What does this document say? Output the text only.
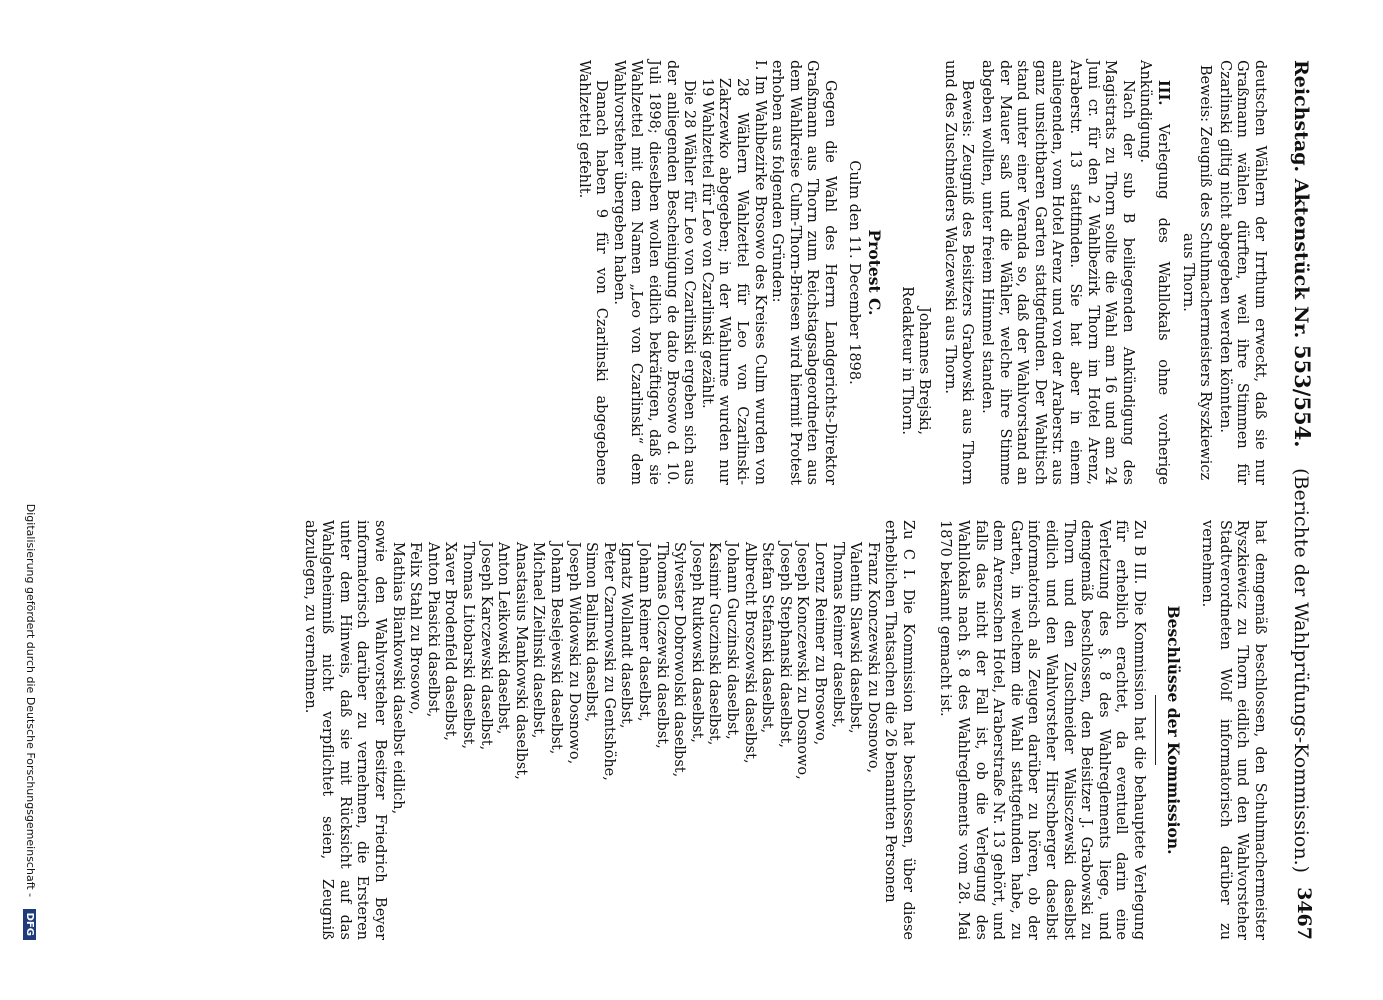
Reichstag. Aktenstück Nr. 553/554. (Berichte der Wahlprüfungs-Kommission.)
3467

deutschen Wählern der Irrthum erweckt, daß sie nur Graßmann wählen dürften, weil ihre Stimmen für Czarlinski giltig nicht abgegeben werden könnten.

Beweis: Zeugniß des Schuhmachermeisters Ryszkiewicz aus Thorn.

III. Verlegung des Wahllokals ohne vorherige Ankündigung.

Nach der sub B beiliegenden Ankündigung des Magistrats zu Thorn sollte die Wahl am 16 und am 24 Juni cr. für den 2 Wahlbezirk Thorn im Hotel Arenz, Araberstr. 13 stattfinden. Sie hat aber in einem anliegenden, vom Hotel Arenz und von der Araberstr. aus ganz unsichtbaren Garten stattgefunden. Der Wahltisch stand unter einer Veranda so, daß der Wahlvorstand an der Mauer saß und die Wähler, welche ihre Stimme abgeben wollten, unter freiem Himmel standen.

Beweis: Zeugniß des Beisitzers Grabowski aus Thorn und des Zuschneiders Walczewski aus Thorn.

Johannes Brejski,

Redakteur in Thorn.

Protest C.

Culm den 11. December 1898.

Gegen die Wahl des Herrn Landgerichts-Direktor Graßmann aus Thorn zum Reichstagsabgeordneten aus dem Wahlkreise Culm-Thorn-Briesen wird hiermit Protest erhoben aus folgenden Gründen:

I. Im Wahlbezirke Brosowo des Kreises Culm wurden von 28 Wählern Wahlzettel für Leo von Czarlinski-Zakrzewko abgegeben; in der Wahlurne wurden nur 19 Wahlzettel für Leo von Czarlinski gezählt.

Die 28 Wähler für Leo von Czarlinski ergeben sich aus der anliegenden Bescheinigung de dato Brosowo d. 10. Juli 1898; dieselben wollen eidlich bekräftigen, daß sie Wahlzettel mit dem Namen „Leo von Czarlinski“ dem Wahlvorsteher übergeben haben.

Danach haben 9 für von Czarlinski abgegebene Wahlzettel gefehlt.

hat demgemäß beschlossen, den Schuhmachermeister Ryszkiewicz zu Thorn eidlich und den Wahlvorsteher Stadtverordneten Wolf informatorisch darüber zu vernehmen.

Beschlüsse der Kommission.

Zu B III. Die Kommission hat die behauptete Verlegung für erheblich erachtet, da eventuell darin eine Verletzung des §. 8 des Wahlreglements liege, und demgemäß beschlossen, den Beisitzer J. Grabowski zu Thorn und den Zuschneider Walisczewski daselbst eidlich und den Wahlvorsteher Hirschberger daselbst informatorisch als Zeugen darüber zu hören, ob der Garten, in welchem die Wahl stattgefunden habe, zu dem Arenzschen Hotel, Araberstraße Nr. 13 gehört, und falls das nicht der Fall ist, ob die Verlegung des Wahllokals nach §. 8 des Wahlreglements vom 28. Mai 1870 bekannt gemacht ist.

Zu C I. Die Kommission hat beschlossen, über diese erheblichen Thatsachen die 26 benannten Personen

Franz Konczewski zu Dosnowo,

Valentin Slawski daselbst,

Thomas Reimer daselbst,

Lorenz Reimer zu Brosowo,

Joseph Konczewski zu Dosnowo,

Joseph Stephanski daselbst,

Stefan Stefanski daselbst,

Albrecht Broszowski daselbst,

Johann Guczinski daselbst,

Kasimir Guczinski daselbst,

Joseph Rutkowski daselbst,

Sylvester Dobrowolski daselbst,

Thomas Olczewski daselbst,

Johann Reimer daselbst,

Ignatz Wollandt daselbst,

Peter Czarnowski zu Gentshöhe,

Simon Balinski daselbst,

Joseph Widowski zu Dosnowo,

Johann Beslejewski daselbst,

Michael Zielinski daselbst,

Anastasius Mankowski daselbst,

Anton Leikowski daselbst,

Joseph Karczewski daselbst,

Thomas Litobarski daselbst,

Xaver Brodenfeld daselbst,

Anton Piasicki daselbst,

Felix Stahl zu Brosowo,

Mathias Biankowski daselbst eidlich,

sowie den Wahlvorsteher Besitzer Friedrich Beyer informatorisch darüber zu vernehmen, die Ersteren unter dem Hinweis, daß sie mit Rücksicht auf das Wahlgeheimniß nicht verpflichtet seien, Zeugniß abzulegen, zu vernehmen.

Digitalisierung gefördert durch die Deutsche Forschungsgemeinschaft - DFG
